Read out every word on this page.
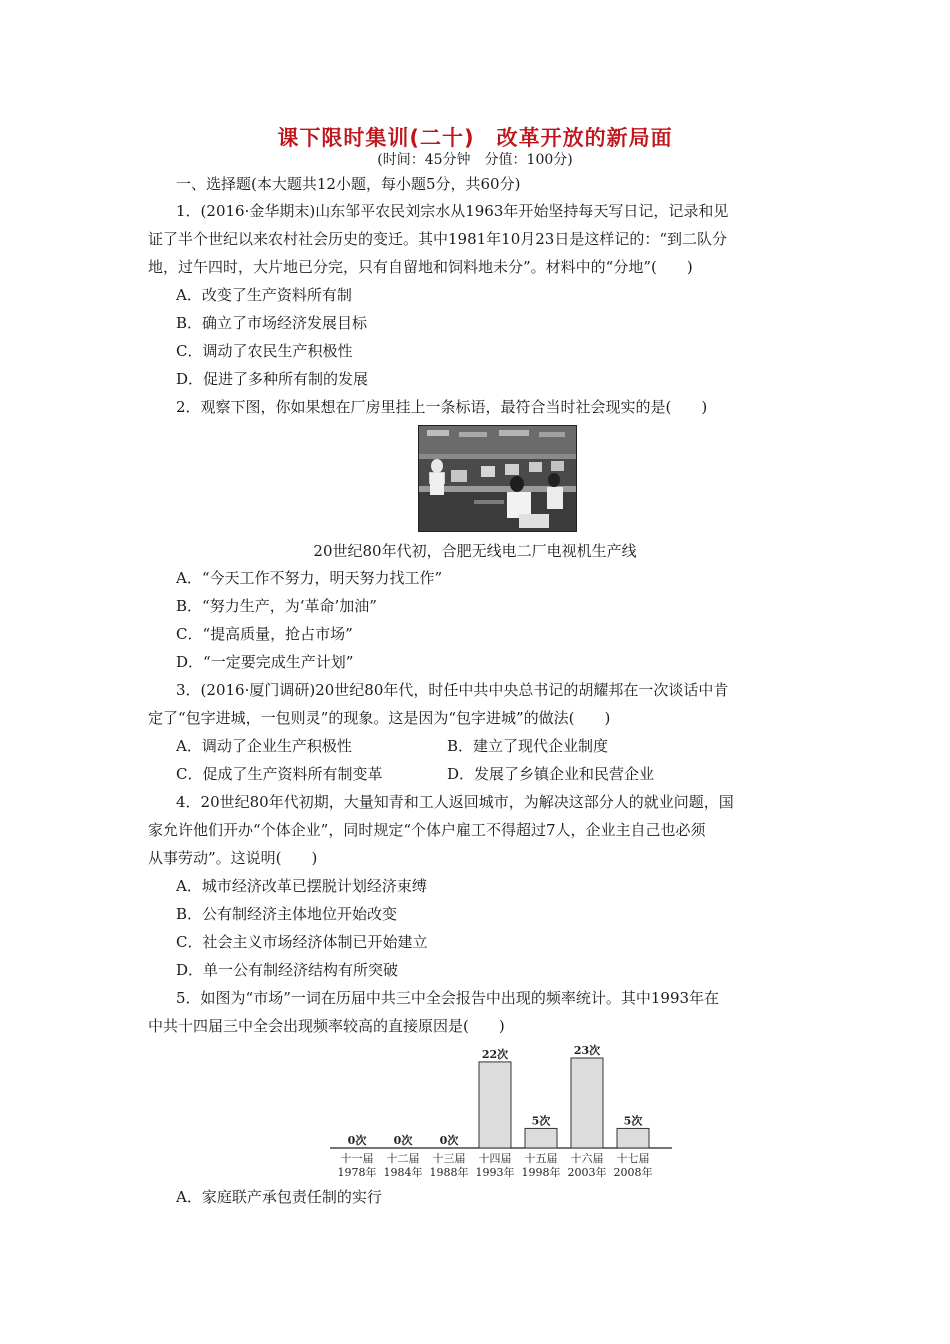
课下限时集训(二十)　改革开放的新局面
(时间：45分钟　分值：100分)
一、选择题(本大题共12小题，每小题5分，共60分)
1．(2016·金华期末)山东邹平农民刘宗水从1963年开始坚持每天写日记，记录和见
证了半个世纪以来农村社会历史的变迁。其中1981年10月23日是这样记的：“到二队分
地，过午四时，大片地已分完，只有自留地和饲料地未分”。材料中的“分地”(　　)
A．改变了生产资料所有制
B．确立了市场经济发展目标
C．调动了农民生产积极性
D．促进了多种所有制的发展
2．观察下图，你如果想在厂房里挂上一条标语，最符合当时社会现实的是(　　)
20世纪80年代初，合肥无线电二厂电视机生产线
A．“今天工作不努力，明天努力找工作”
B．“努力生产，为‘革命’加油”
C．“提高质量，抢占市场”
D．“一定要完成生产计划”
3．(2016·厦门调研)20世纪80年代，时任中共中央总书记的胡耀邦在一次谈话中肯
定了“包字进城，一包则灵”的现象。这是因为“包字进城”的做法(　　)
A．调动了企业生产积极性	B．建立了现代企业制度
C．促成了生产资料所有制变革	D．发展了乡镇企业和民营企业
4．20世纪80年代初期，大量知青和工人返回城市，为解决这部分人的就业问题，国
家允许他们开办“个体企业”，同时规定“个体户雇工不得超过7人，企业主自己也必须
从事劳动”。这说明(　　)
A．城市经济改革已摆脱计划经济束缚
B．公有制经济主体地位开始改变
C．社会主义市场经济体制已开始建立
D．单一公有制经济结构有所突破
5．如图为“市场”一词在历届中共三中全会报告中出现的频率统计。其中1993年在
中共十四届三中全会出现频率较高的直接原因是(　　)
0次
十一届
1978年
0次
十二届
1984年
0次
十三届
1988年
22次
十四届
1993年
5次
十五届
1998年
23次
十六届
2003年
5次
十七届
2008年
A．家庭联产承包责任制的实行
